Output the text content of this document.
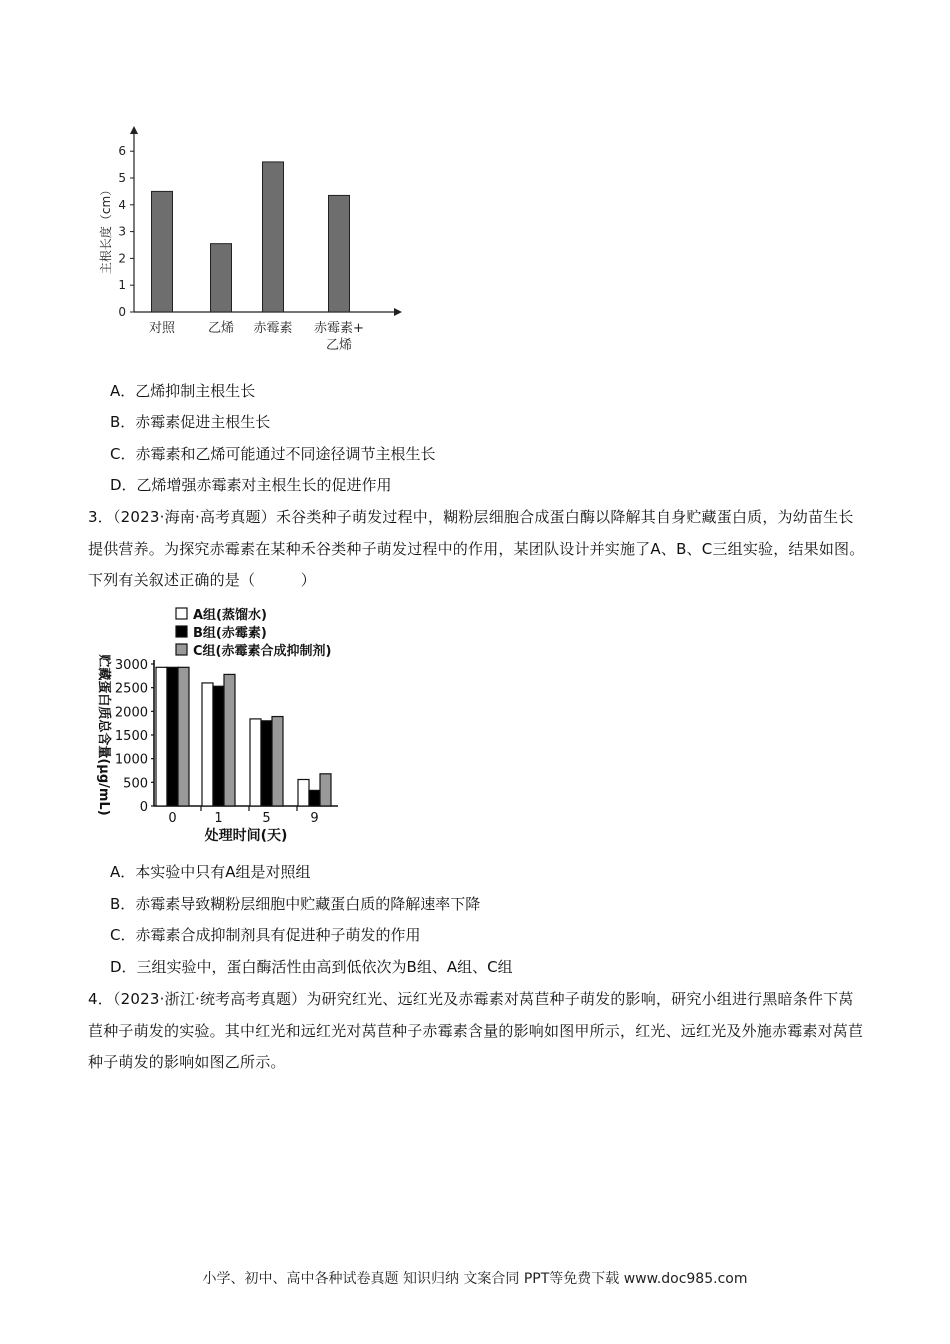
0
1
2
3
4
5
6
主根长度（cm）
对照	乙烯 赤霉素 赤霉素+
乙烯
A．乙烯抑制主根生长
B．赤霉素促进主根生长
C．赤霉素和乙烯可能通过不同途径调节主根生长
D．乙烯增强赤霉素对主根生长的促进作用
3．（2023·海南·高考真题）禾谷类种子萌发过程中，糊粉层细胞合成蛋白酶以降解其自身贮藏蛋白质，为幼苗生长提供营养。为探究赤霉素在某种禾谷类种子萌发过程中的作用，某团队设计并实施了A、B、C三组实验，结果如图。下列有关叙述正确的是（　　　）
A组(蒸馏水)
B组(赤霉素)
C组(赤霉素合成抑制剂)
0
500
1000
1500
2000
2500
3000
贮藏蛋白质总含量(μg/mL)
0	1	5	9
处理时间(天)
A．本实验中只有A组是对照组
B．赤霉素导致糊粉层细胞中贮藏蛋白质的降解速率下降
C．赤霉素合成抑制剂具有促进种子萌发的作用
D．三组实验中，蛋白酶活性由高到低依次为B组、A组、C组
4．（2023·浙江·统考高考真题）为研究红光、远红光及赤霉素对莴苣种子萌发的影响，研究小组进行黑暗条件下莴苣种子萌发的实验。其中红光和远红光对莴苣种子赤霉素含量的影响如图甲所示，红光、远红光及外施赤霉素对莴苣种子萌发的影响如图乙所示。
小学、初中、高中各种试卷真题 知识归纳 文案合同 PPT等免费下载 www.doc985.com
